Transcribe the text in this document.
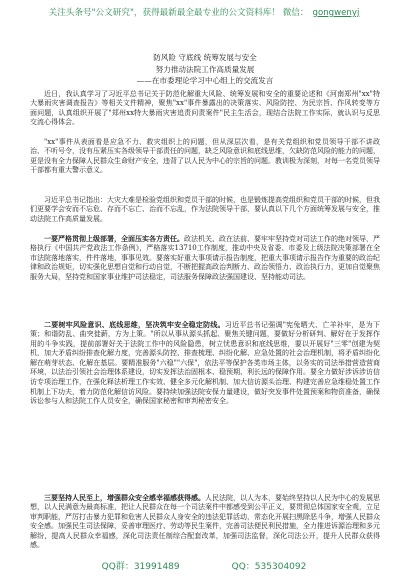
关注头条号"公文研究"，获得最新最全最专业的公文资料库！ 微信： gongwenyj
防风险 守底线 统筹发展与安全
努力推动法院工作高质量发展
——在市委理论学习中心组上的交流发言

近日，我认真学习了习近平总书记关于防范化解重大风险、统筹发展和安全的重要论述和《河南郑州"xx"特大暴雨灾害调查报告》等相关文件精神，聚焦"xx"事件暴露出的决策落实、风险防控、为民宗旨、作风转变等方面问题，认真组织开展了"郑州xx特大暴雨灾害追责问责案件"民主生活会，现结合法院工作实际，就认识与反思交流心得体会。

"xx"事件从表面看是应急不力、救灾组织上的问题，但从深层次看，是有关党组织和党员领导干部不讲政治、不听号令，没有压紧压实各级领导干部责任的问题，缺乏风险意识和底线思维，欠缺防范风险的能力的问题，更是没有全力保障人民群众生命财产安全，违背了以人民为中心的宗旨的问题。教训极为深刻，对每一名党员领导干部都有重大警示意义。

习近平总书记指出：大灾大难是检验党组织和党员干部的时候，也是锻炼提高党组织和党员干部的时候，但我们更要学会安而不忘危、存而不忘亡、治而不忘乱，作为法院领导干部，要认真以下几个方面统筹发展与安全，推动法院工作高质量发展。

一要严格贯彻上级部署，全面压实各方责任。政法机关、政在法前、要牢牢坚持党对司法工作的绝对领导，严格执行《中国共产党政法工作条例》，严格落实13710工作制度，推动中央及省委、市委及上级法院决策部署在全市法院落地落实，件件落地，事事见效。要落实好重大事项请示报告制度，把重大事项请示报告作为重要的政治纪律和政治规矩，切实强化思想自觉和行动自觉，不断把握高政治判断力、政治领悟力、政治执行力，更加自觉聚焦服务大局，坚持党和国家事业维护司法稳定，司法服务保障政法强国建设、坚持能动司法。

二要树牢风险意识、底线思维，坚决筑牢安全稳定防线。习近平总书记强调"宪兔晒犬、亡羊补牢，是为下策；和谐防乱、曲突徙薪，方为上策。"所以从事从源头抓起、聚焦关键问题，要做好分析研判、解好在于发挥作用的斗争实践，提前部署好关于法院工作中的风险隐患，树立忧患意识和底线思维，要以开展好"三零"创建为契机，加大矛盾纠纷排查化解力度，完善源头防控、排查梳理、纠纷化解、应急处置的社会治理机制，将矛盾纠纷化解在萌芽状态、化解在基层。要精准服务"六稳""六保"，依法平等保护各类市场主体，以务实的司法举措营造营商环境，以法治引领社会治理体系建设，切实发挥法治固根本、稳预期、利长远的保障作用。要全力做好涉诉涉访信访专项治理工作，在强化释法析理工作实效、健全多元化解机制、加大信访源头治理、构建完善应急维稳处置工作机制上下功夫，着力防范化解信访风险。要持续加强法院安保力量建设，做好突发事件处置预案和物资准备，确保诉讼参与人和法院工作人员安全，确保国家秘密和审判秘密安全。

三要坚持人民至上，增强群众安全感幸福感获得感。人民法院，以人为本，要始终坚持以人民为中心的发展思想，以人民满意为最高标准，把让人民群众在每一个司法案件中都感受到公平正义，要贯彻总体国家安全观，立足审判职能，严厉打击暴力犯罪和危害人民群众人身安全的违法犯罪活动，常态化开展扫黑除恶斗争，增强人民群众安全感。加强民生司法保障，妥善审理医疗、劳动等民生案件，完善司法便民利民措施，全力推进诉源治理和多元解纷，提高人民群众幸福感，深化司法责任制综合配套改革，加强司法监督，深化司法公开，提升人民群众获得感。

QQ群：31991489	QQ：535304092
